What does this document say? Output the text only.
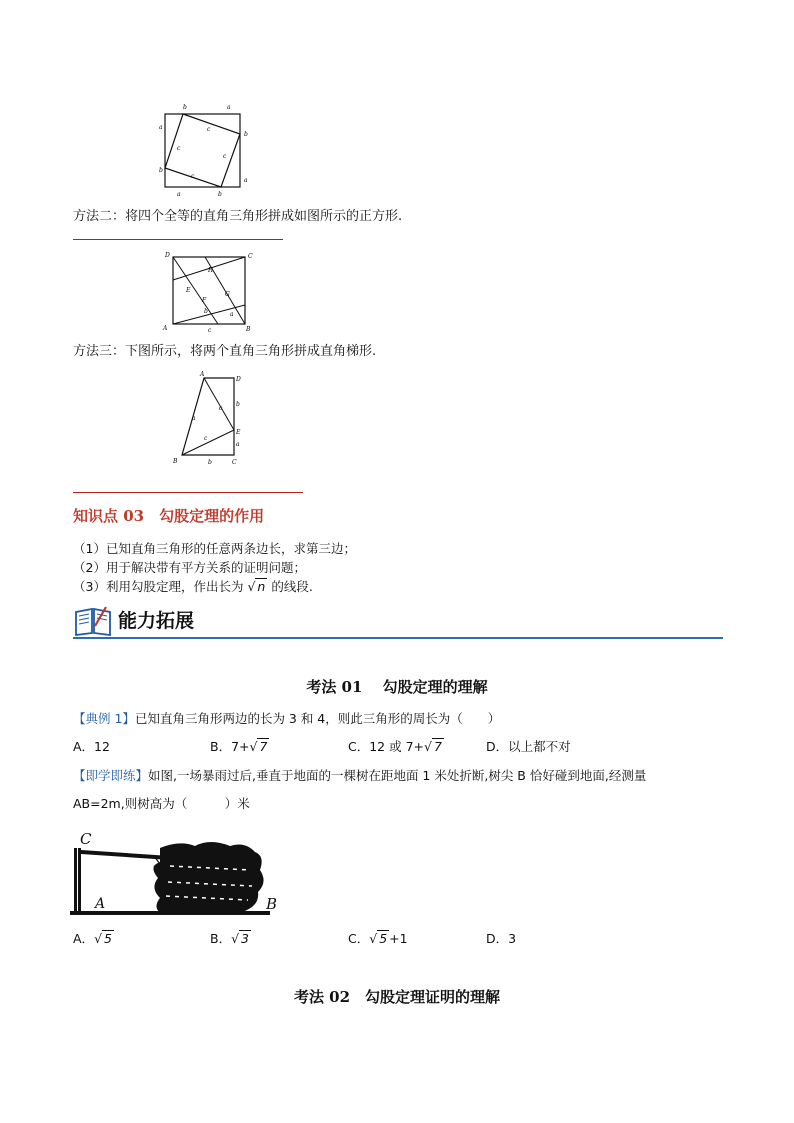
b	a
a
b
b
a
a	b
c
c
c
c
方法二：将四个全等的直角三角形拼成如图所示的正方形.
D	C
A	B
E
H
F
G
b	a
c
方法三：下图所示，将两个直角三角形拼成直角梯形.
A
D
B	C
E
b
a
c
c
a
b
知识点 03　勾股定理的作用
（1）已知直角三角形的任意两条边长，求第三边；
（2）用于解决带有平方关系的证明问题；
（3）利用勾股定理，作出长为 √ n 的线段.
能力拓展
考法 01　 勾股定理的理解
【典例 1】已知直角三角形两边的长为 3 和 4，则此三角形的周长为（　　）
A．12	B．7+√ 7	C．12 或 7+√ 7	D．以上都不对
【即学即练】如图,一场暴雨过后,垂直于地面的一棵树在距地面 1 米处折断,树尖 B 恰好碰到地面,经测量
AB=2m,则树高为（　　　）米
C
A	B
A．√ 5	B．√ 3	C．√ 5 +1	D．3
考法 02　勾股定理证明的理解
